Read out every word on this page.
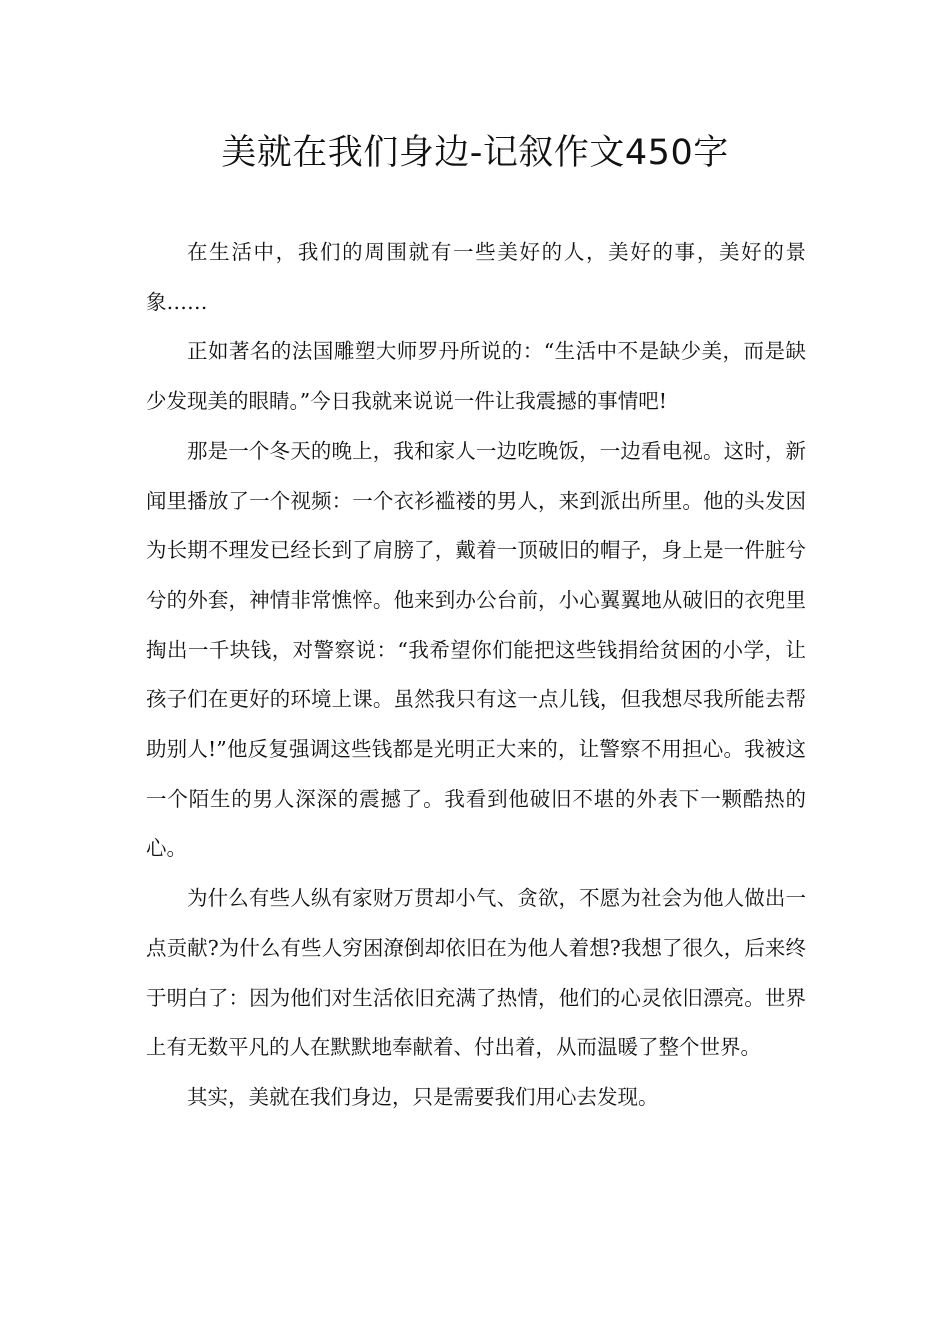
美就在我们身边-记叙作文450字

在生活中，我们的周围就有一些美好的人，美好的事，美好的景象……

正如著名的法国雕塑大师罗丹所说的：“生活中不是缺少美，而是缺少发现美的眼睛。”今日我就来说说一件让我震撼的事情吧!

那是一个冬天的晚上，我和家人一边吃晚饭，一边看电视。这时，新闻里播放了一个视频：一个衣衫褴褛的男人，来到派出所里。他的头发因为长期不理发已经长到了肩膀了，戴着一顶破旧的帽子，身上是一件脏兮兮的外套，神情非常憔悴。他来到办公台前，小心翼翼地从破旧的衣兜里掏出一千块钱，对警察说：“我希望你们能把这些钱捐给贫困的小学，让孩子们在更好的环境上课。虽然我只有这一点儿钱，但我想尽我所能去帮助别人!”他反复强调这些钱都是光明正大来的，让警察不用担心。我被这一个陌生的男人深深的震撼了。我看到他破旧不堪的外表下一颗酷热的心。

为什么有些人纵有家财万贯却小气、贪欲，不愿为社会为他人做出一点贡献?为什么有些人穷困潦倒却依旧在为他人着想?我想了很久，后来终于明白了：因为他们对生活依旧充满了热情，他们的心灵依旧漂亮。世界上有无数平凡的人在默默地奉献着、付出着，从而温暖了整个世界。

其实，美就在我们身边，只是需要我们用心去发现。
